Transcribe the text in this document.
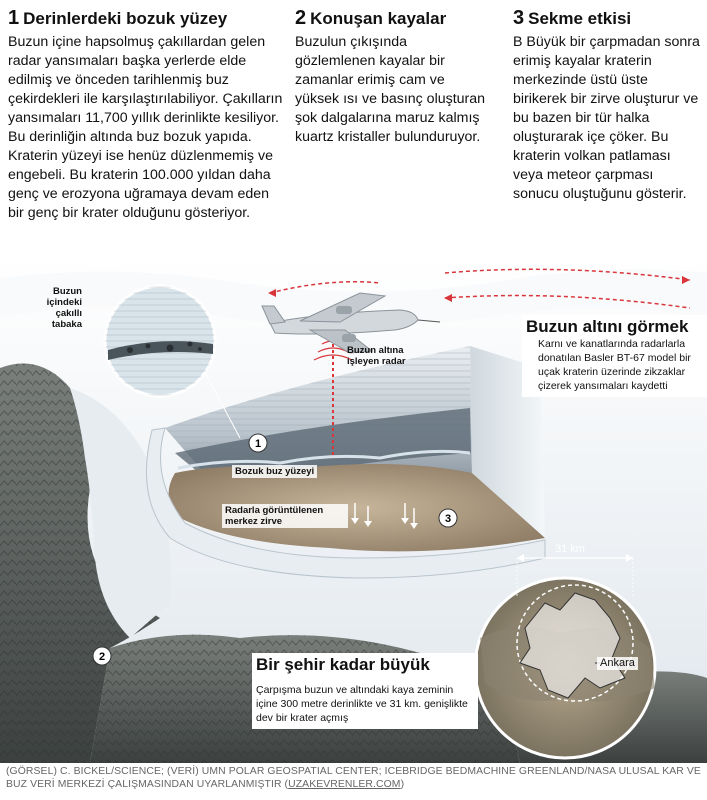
1 Derinlerdeki bozuk yüzey

Buzun içine hapsolmuş çakıllardan gelen radar yansımaları başka yerlerde elde edilmiş ve önceden tarihlenmiş buz çekirdekleri ile karşılaştırılabiliyor. Çakılların yansımaları 11,700 yıllık derinlikte kesiliyor. Bu derinliğin altında buz bozuk yapıda. Kraterin yüzeyi ise henüz düzlenmemiş ve engebeli. Bu kraterin 100.000 yıldan daha genç ve erozyona uğramaya devam eden bir genç bir krater olduğunu gösteriyor.

2 Konuşan kayalar

Buzulun çıkışında gözlemlenen kayalar bir zamanlar erimiş cam ve yüksek ısı ve basınç oluşturan şok dalgalarına maruz kalmış kuartz kristaller bulunduruyor.

3 Sekme etkisi

B Büyük bir çarpmadan sonra erimiş kayalar kraterin merkezinde üstü üste birikerek bir zirve oluşturur ve bu bazen bir tür halka oluşturarak içe çöker. Bu kraterin volkan patlaması veya meteor çarpması sonucu oluştuğunu gösterir.

1
2
3
Buzun içindeki çakıllı tabaka
Buzun altına işleyen radar
Bozuk buz yüzeyi
Radarla görüntülenen merkez zirve
31 km
Ankara
Buzun altını görmek

Karnı ve kanatlarında radarlarla donatılan Basler BT-67 model bir uçak kraterin üzerinde zikzaklar çizerek yansımaları kaydetti

Bir şehir kadar büyük

Çarpışma buzun ve altındaki kaya zeminin içine 300 metre derinlikte ve 31 km. genişlikte dev bir krater açmış

(GÖRSEL) C. BICKEL/SCIENCE; (VERİ) UMN POLAR GEOSPATIAL CENTER; ICEBRIDGE BEDMACHINE GREENLAND/NASA ULUSAL KAR VE BUZ VERİ MERKEZİ ÇALIŞMASINDAN UYARLANMIŞTIR (UZAKEVRENLER.COM)
